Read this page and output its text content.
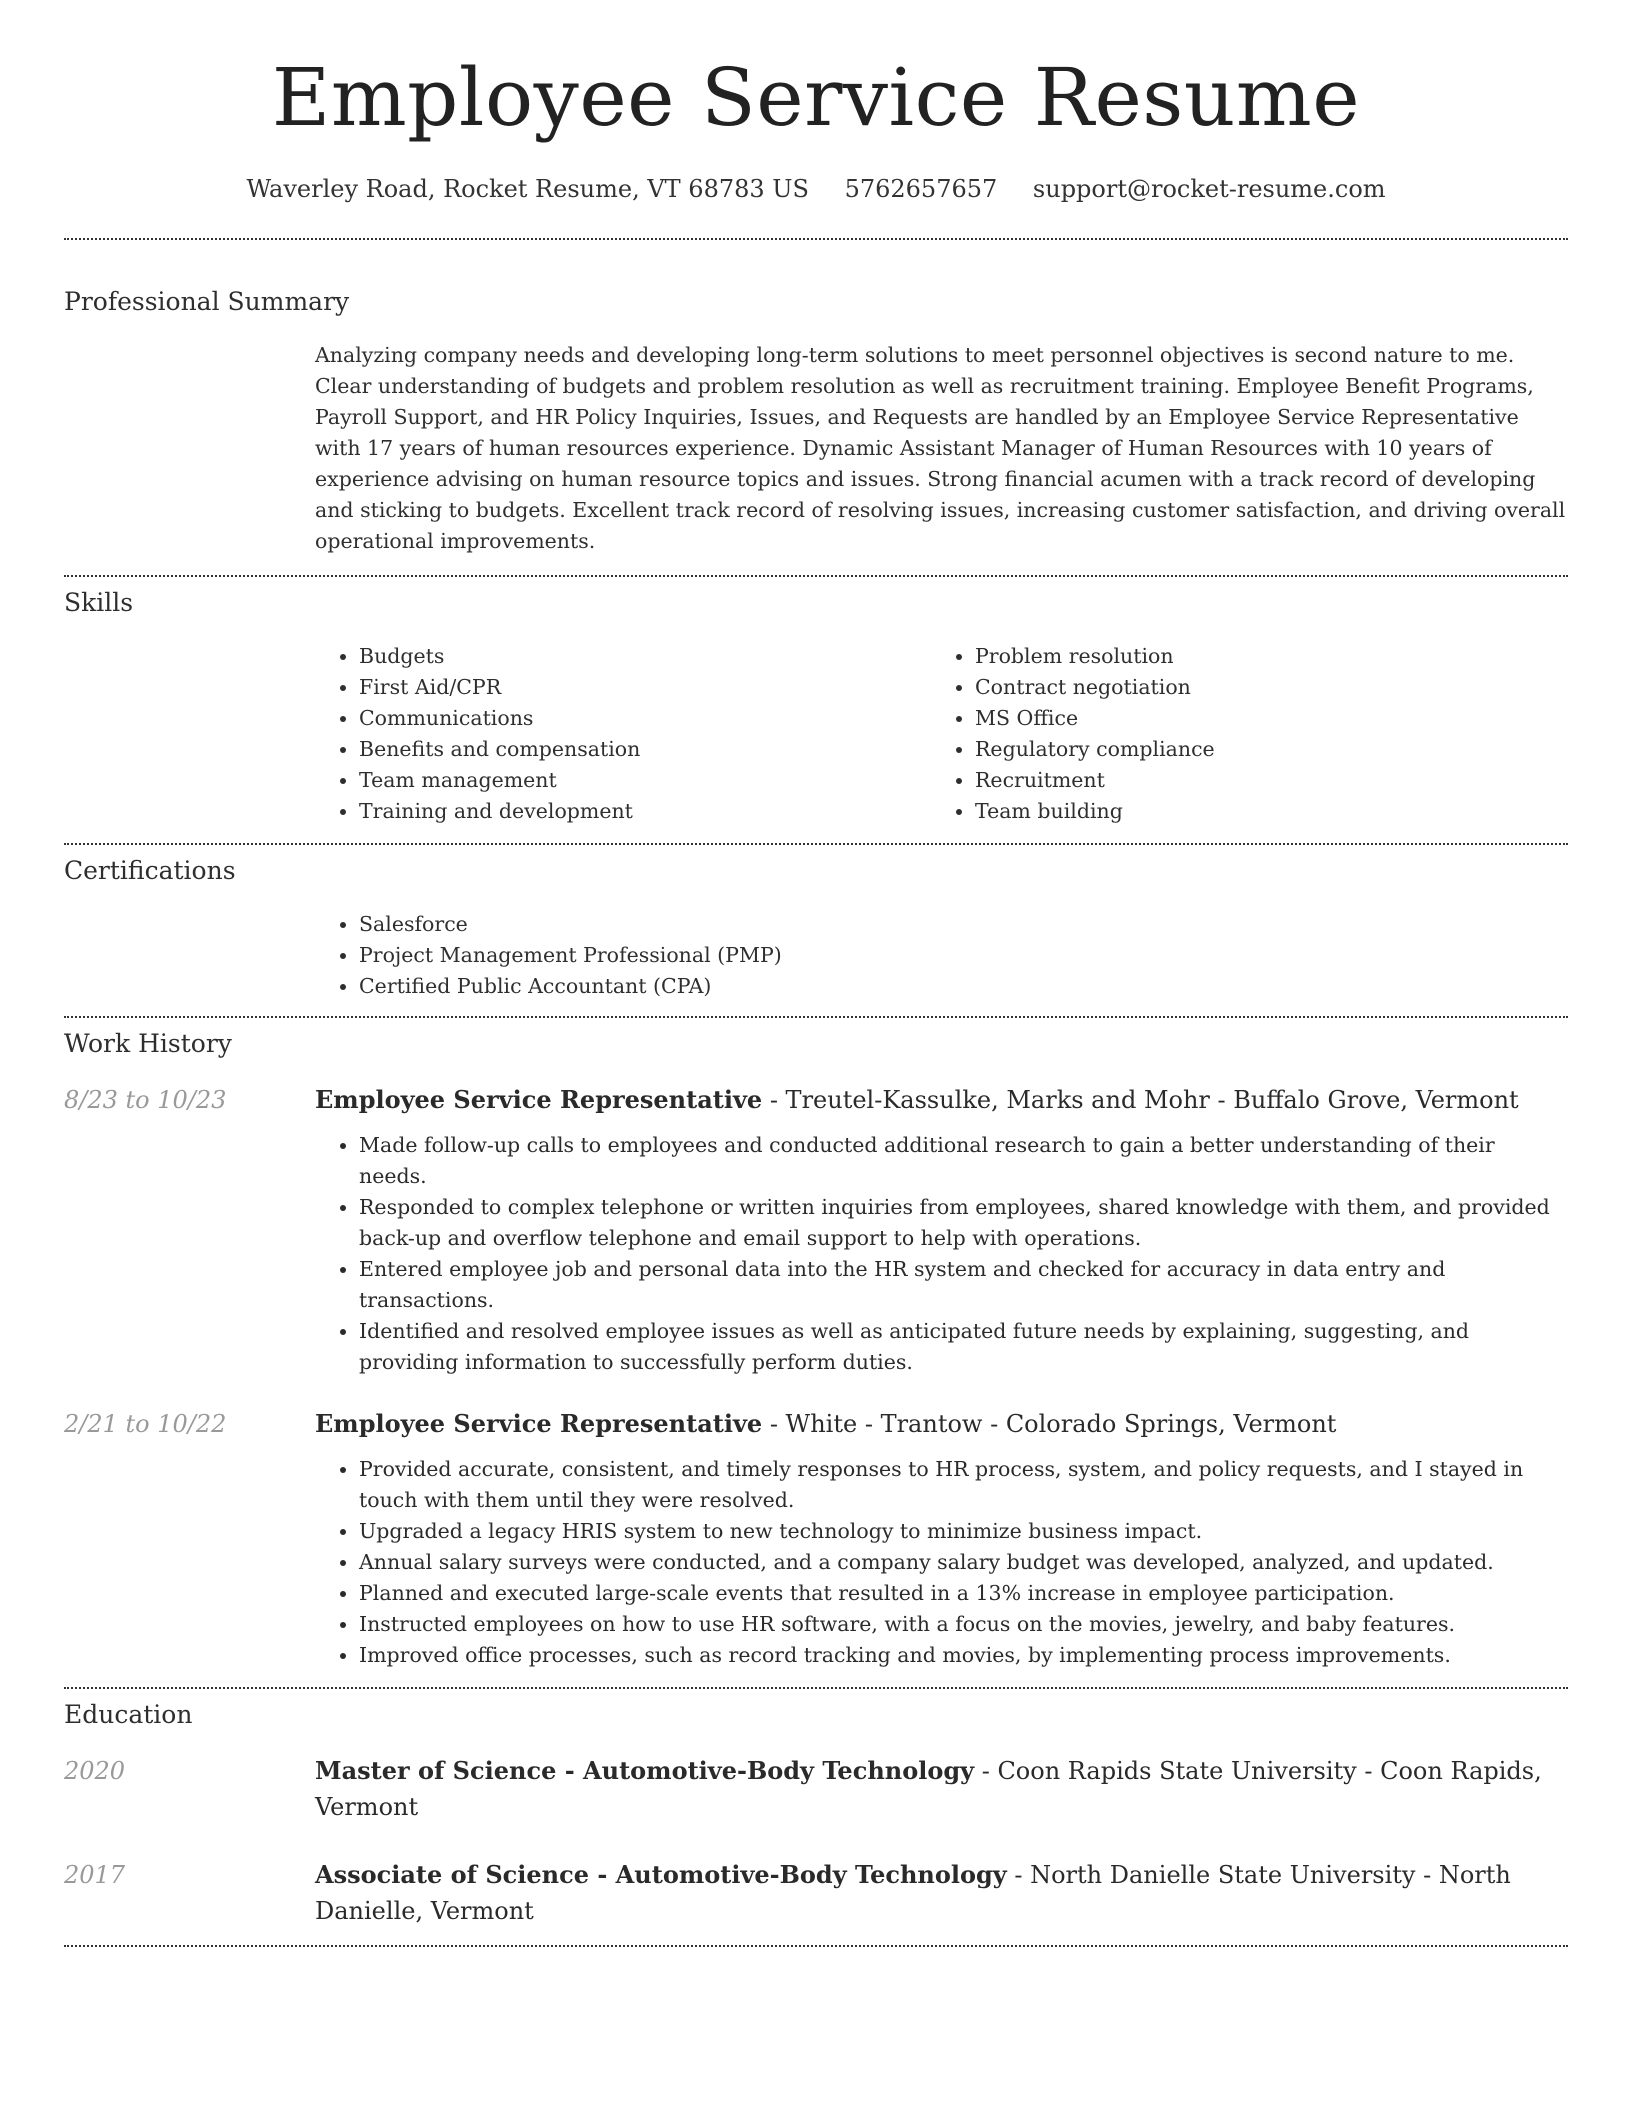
Employee Service Resume
Waverley Road, Rocket Resume, VT 68783 US 5762657657 support@rocket-resume.com
Professional Summary

Analyzing company needs and developing long-term solutions to meet personnel objectives is second nature to me. Clear understanding of budgets and problem resolution as well as recruitment training. Employee Benefit Programs, Payroll Support, and HR Policy Inquiries, Issues, and Requests are handled by an Employee Service Representative with 17 years of human resources experience. Dynamic Assistant Manager of Human Resources with 10 years of experience advising on human resource topics and issues. Strong financial acumen with a track record of developing and sticking to budgets. Excellent track record of resolving issues, increasing customer satisfaction, and driving overall operational improvements.

Skills
• Budgets
• First Aid/CPR
• Communications
• Benefits and compensation
• Team management
• Training and development
• Problem resolution
• Contract negotiation
• MS Office
• Regulatory compliance
• Recruitment
• Team building
Certifications
• Salesforce
• Project Management Professional (PMP)
• Certified Public Accountant (CPA)
Work History
8/23 to 10/23	Employee Service Representative - Treutel-Kassulke, Marks and Mohr - Buffalo Grove, Vermont
• Made follow-up calls to employees and conducted additional research to gain a better understanding of their needs.
• Responded to complex telephone or written inquiries from employees, shared knowledge with them, and provided back-up and overflow telephone and email support to help with operations.
• Entered employee job and personal data into the HR system and checked for accuracy in data entry and transactions.
• Identified and resolved employee issues as well as anticipated future needs by explaining, suggesting, and providing information to successfully perform duties.
2/21 to 10/22	Employee Service Representative - White - Trantow - Colorado Springs, Vermont
• Provided accurate, consistent, and timely responses to HR process, system, and policy requests, and I stayed in touch with them until they were resolved.
• Upgraded a legacy HRIS system to new technology to minimize business impact.
• Annual salary surveys were conducted, and a company salary budget was developed, analyzed, and updated.
• Planned and executed large-scale events that resulted in a 13% increase in employee participation.
• Instructed employees on how to use HR software, with a focus on the movies, jewelry, and baby features.
• Improved office processes, such as record tracking and movies, by implementing process improvements.
Education
2020	Master of Science - Automotive-Body Technology - Coon Rapids State University - Coon Rapids, Vermont
2017	Associate of Science - Automotive-Body Technology - North Danielle State University - North Danielle, Vermont
